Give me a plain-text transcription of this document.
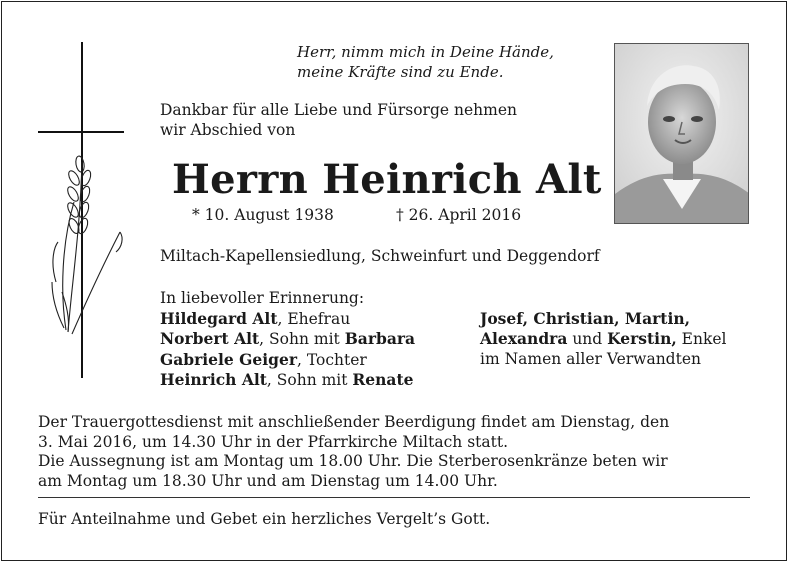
Herr, nimm mich in Deine Hände,
meine Kräfte sind zu Ende.
Dankbar für alle Liebe und Fürsorge nehmen
wir Abschied von
Herrn Heinrich Alt
* 10. August 1938	† 26. April 2016
Miltach-Kapellensiedlung, Schweinfurt und Deggendorf
In liebevoller Erinnerung:
Hildegard Alt, Ehefrau
Norbert Alt, Sohn mit Barbara
Gabriele Geiger, Tochter
Heinrich Alt, Sohn mit Renate
Josef, Christian, Martin,
Alexandra und Kerstin, Enkel
im Namen aller Verwandten
Der Trauergottesdienst mit anschließender Beerdigung findet am Dienstag, den
3. Mai 2016, um 14.30 Uhr in der Pfarrkirche Miltach statt.
Die Aussegnung ist am Montag um 18.00 Uhr. Die Sterberosenkränze beten wir
am Montag um 18.30 Uhr und am Dienstag um 14.00 Uhr.
Für Anteilnahme und Gebet ein herzliches Vergelt’s Gott.
